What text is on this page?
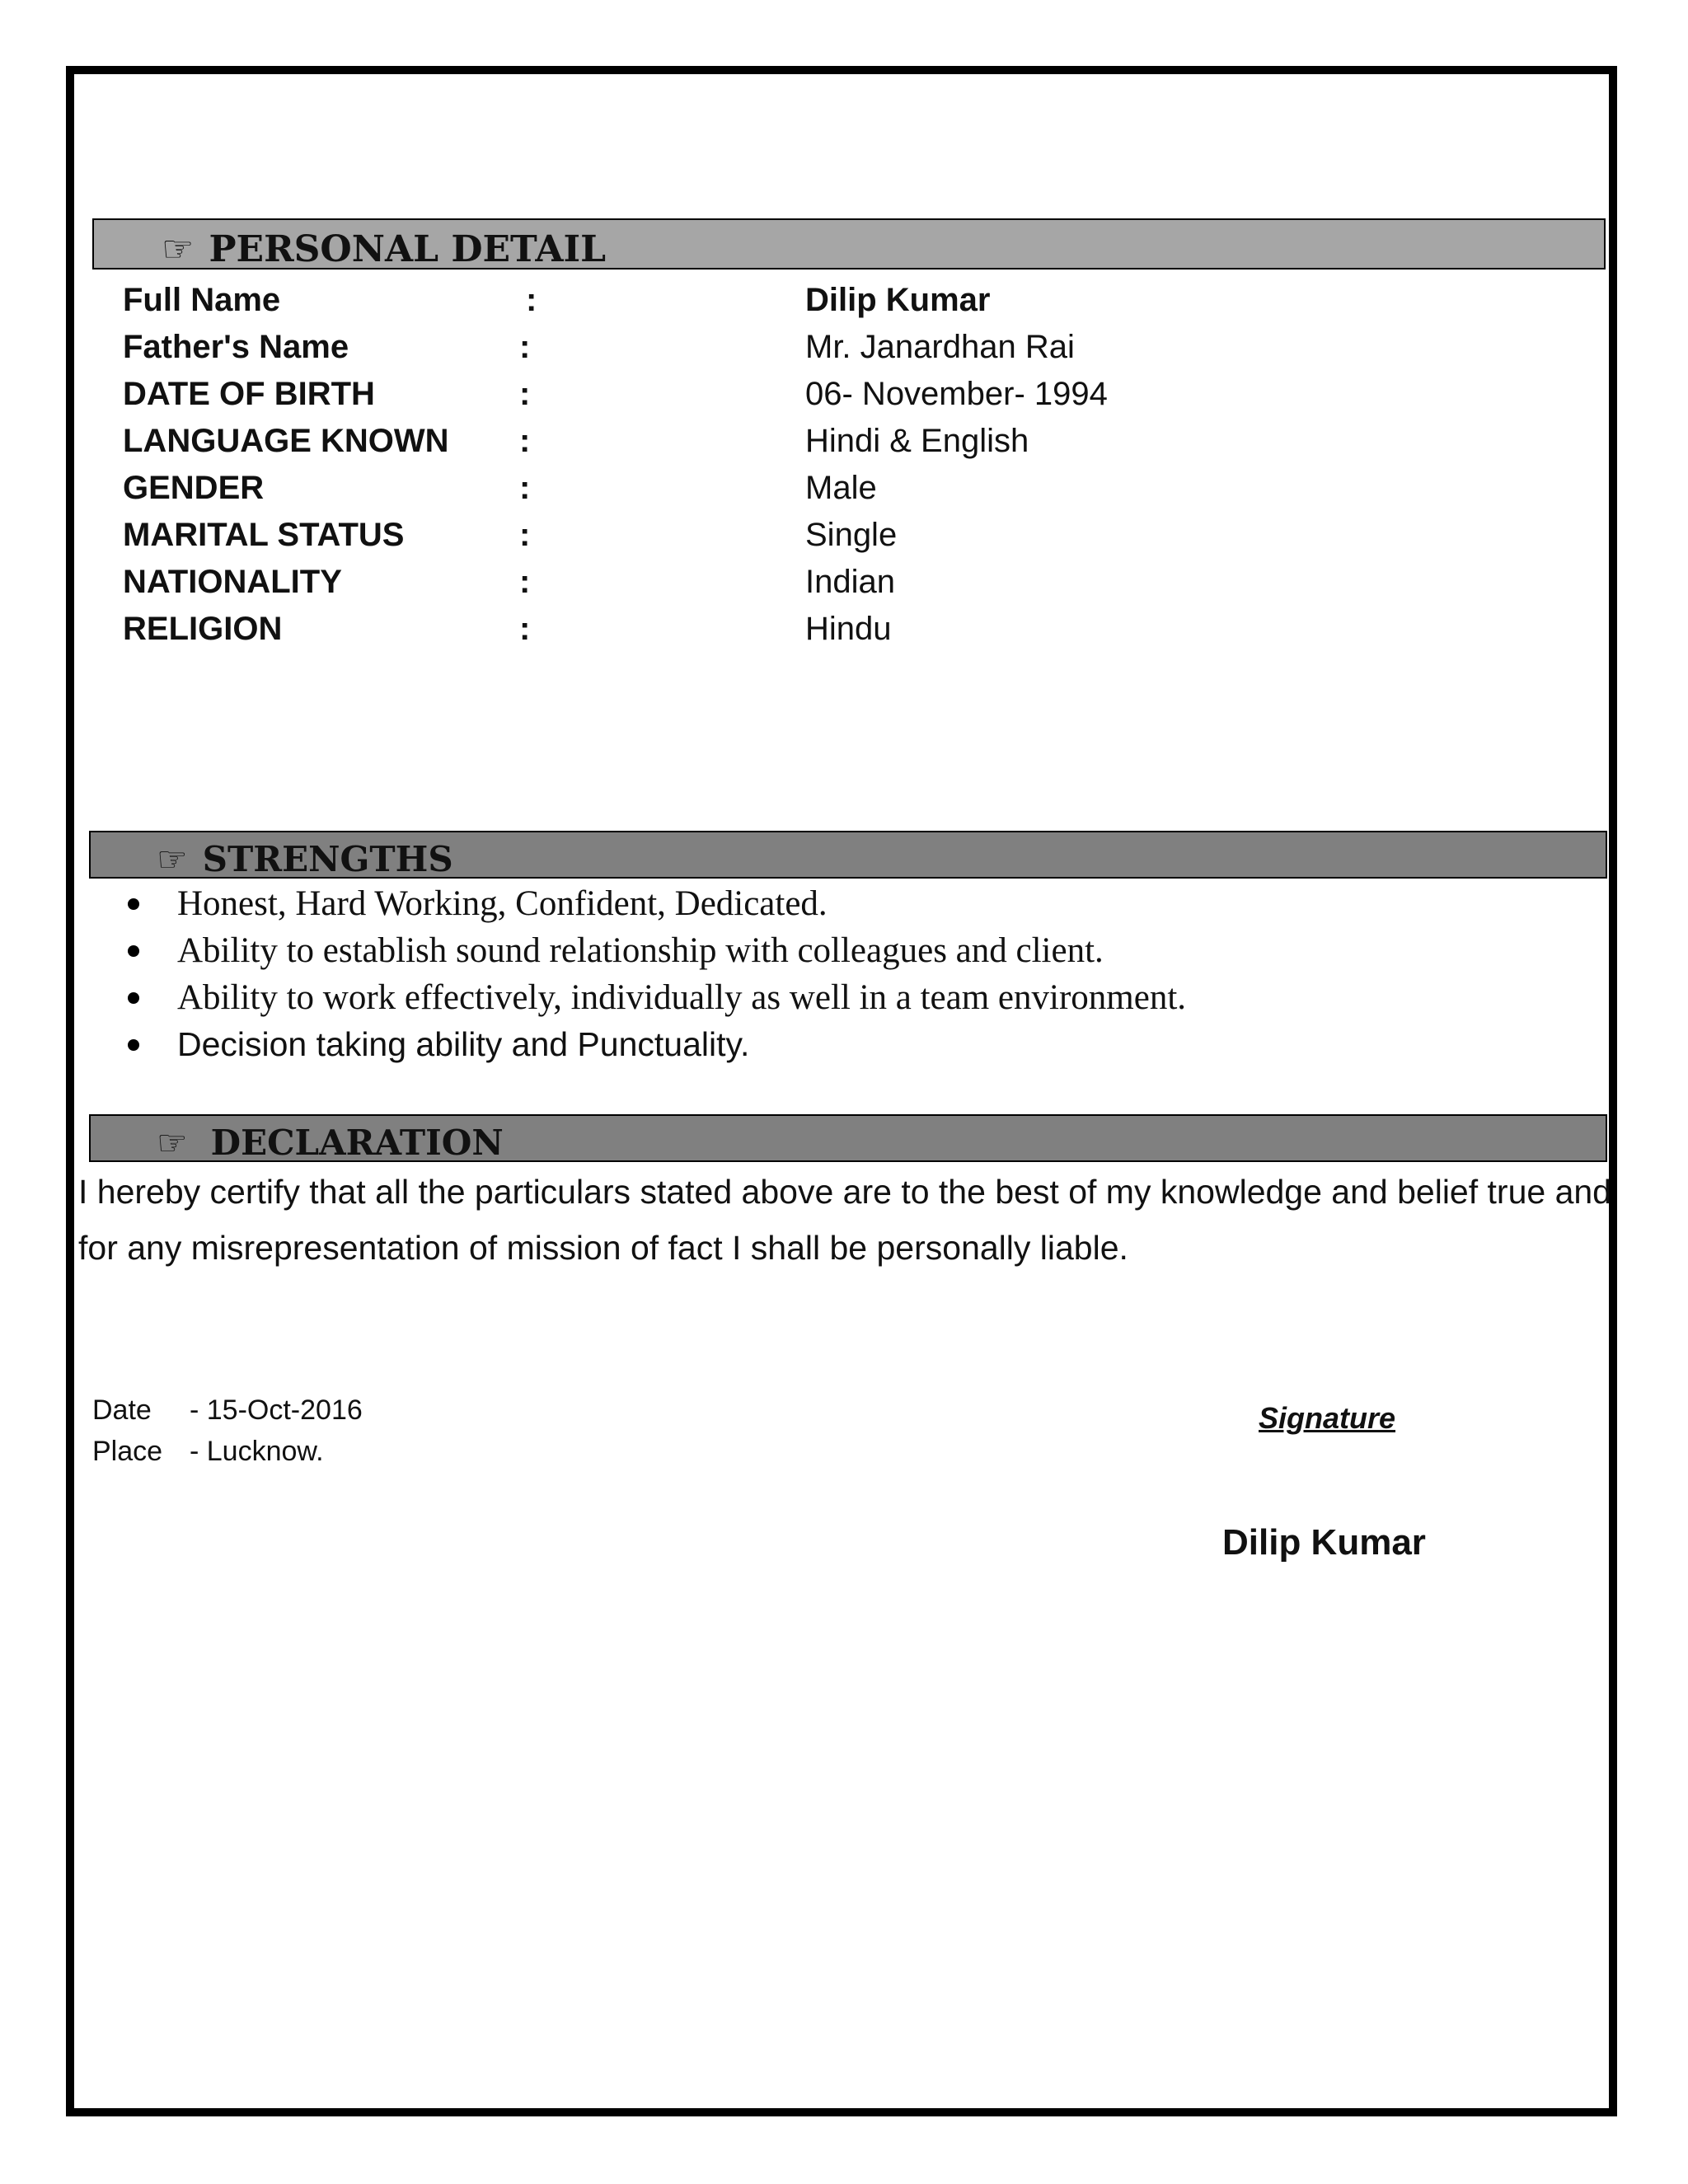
☞ PERSONAL DETAIL
Full Name	:	Dilip Kumar
Father's Name	:	Mr. Janardhan Rai
DATE OF BIRTH	:	06- November- 1994
LANGUAGE KNOWN :	Hindi & English
GENDER	:	Male
MARITAL STATUS	:	Single
NATIONALITY	:	Indian
RELIGION	:	Hindu
☞ STRENGTHS
Honest, Hard Working, Confident, Dedicated.
Ability to establish sound relationship with colleagues and client.
Ability to work effectively, individually as well in a team environment.
Decision taking ability and Punctuality.
☞ DECLARATION
I hereby certify that all the particulars stated above are to the best of my knowledge and belief true and for any misrepresentation of mission of fact I shall be personally liable.
Date - 15-Oct-2016
Place - Lucknow.
Signature
Dilip Kumar
